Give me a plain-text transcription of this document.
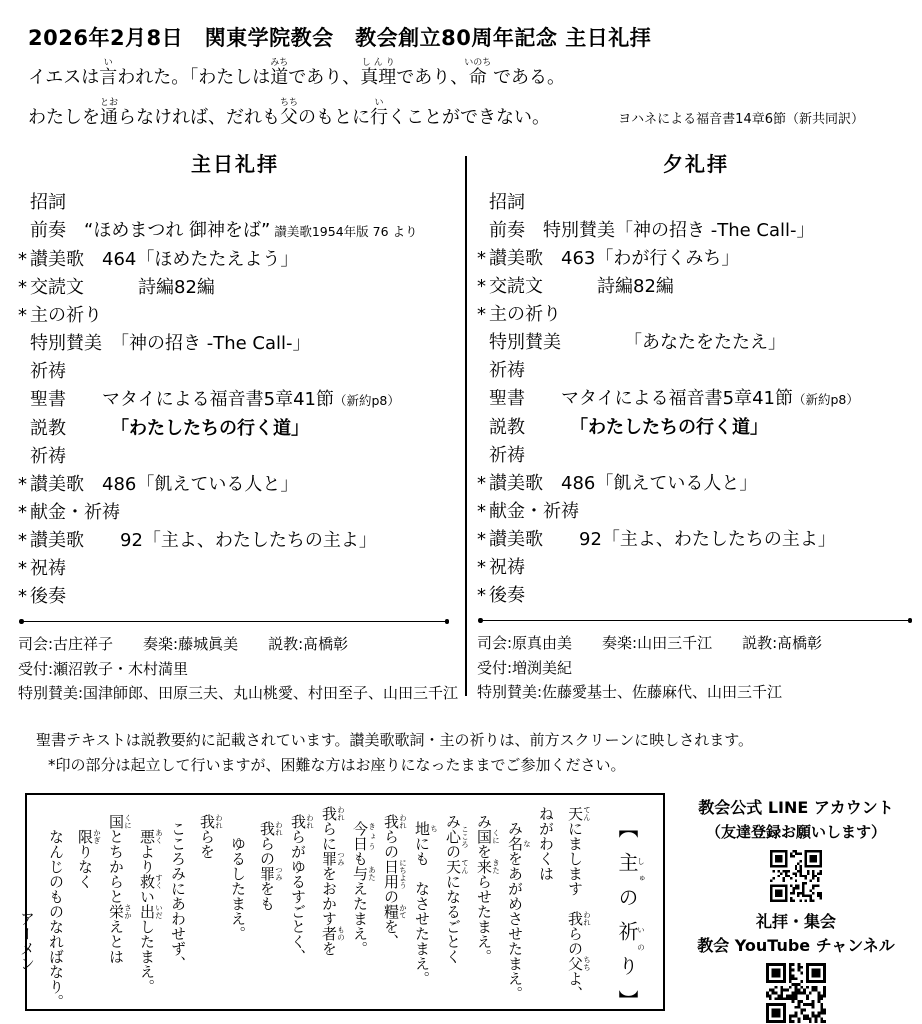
2026年2月8日　関東学院教会　教会創立80周年記念 主日礼拝
イエスは言いわれた。「わたしは道みちであり、真理しんりであり、命いのち である。
わたしを通とおらなければ、だれも父ちちのもとに行いくことができない。	ヨハネによる福音書14章6節（新共同訳）
主日礼拝
招詞
前奏 　“ほめまつれ 御神をば” 讃美歌1954年版 76 より
* 讃美歌 　464「ほめたたえよう」
* 交読文 　　　詩編82編
* 主の祈り
特別賛美 　「神の招き -The Call-」
祈祷
聖書 　　マタイによる福音書5章41節 （新約p8）
説教 　　　「わたしたちの行く道」
祈祷
* 讃美歌 　486「飢えている人と」
* 献金・祈祷
* 讃美歌 　　92「主よ、わたしたちの主よ」
* 祝祷
* 後奏
司会:古庄祥子　　奏楽:藤城眞美　　説教:髙橋彰
受付:瀬沼敦子・木村満里
特別賛美:国津師郎、田原三夫、丸山桃愛、村田至子、山田三千江
夕礼拝
招詞
前奏 　特別賛美「神の招き -The Call-」
* 讃美歌 　463「わが行くみち」
* 交読文 　　　詩編82編
* 主の祈り
特別賛美 　　　　「あなたをたたえ」
祈祷
聖書 　　マタイによる福音書5章41節 （新約p8）
説教 　　　「わたしたちの行く道」
祈祷
* 讃美歌 　486「飢えている人と」
* 献金・祈祷
* 讃美歌 　　92「主よ、わたしたちの主よ」
* 祝祷
* 後奏
司会:原真由美　　奏楽:山田三千江　　説教:髙橋彰
受付:増渕美紀
特別賛美:佐藤愛基士、佐藤麻代、山田三千江
聖書テキストは説教要約に記載されています。讃美歌歌詞・主の祈りは、前方スクリーンに映しされます。
*印の部分は起立して行いますが、困難な方はお座りになったままでご参加ください。
【主しゅの祈いのり】

天てんにまします　我われらの父ちちよ、

ねがわくは

み名なをあがめさせたまえ。

み国くにを来きたらせたまえ。

み心こころの天てんになるごとく

地ちにも　なさせたまえ。

我われらの日用にちようの糧かてを、

今日きょうも与あたえたまえ。

我われらに罪つみをおかす者ものを

我われらがゆるすごとく、

我われらの罪つみをも

ゆるしたまえ。

我われらを

こころみにあわせず、

悪あくより救すくい出いだしたまえ。

国くにとちからと栄さかえとは

限かぎりなく

なんじのものなればなり。

アーメン

教会公式 LINE アカウント
（友達登録お願いします）
礼拝・集会
教会 YouTube チャンネル
